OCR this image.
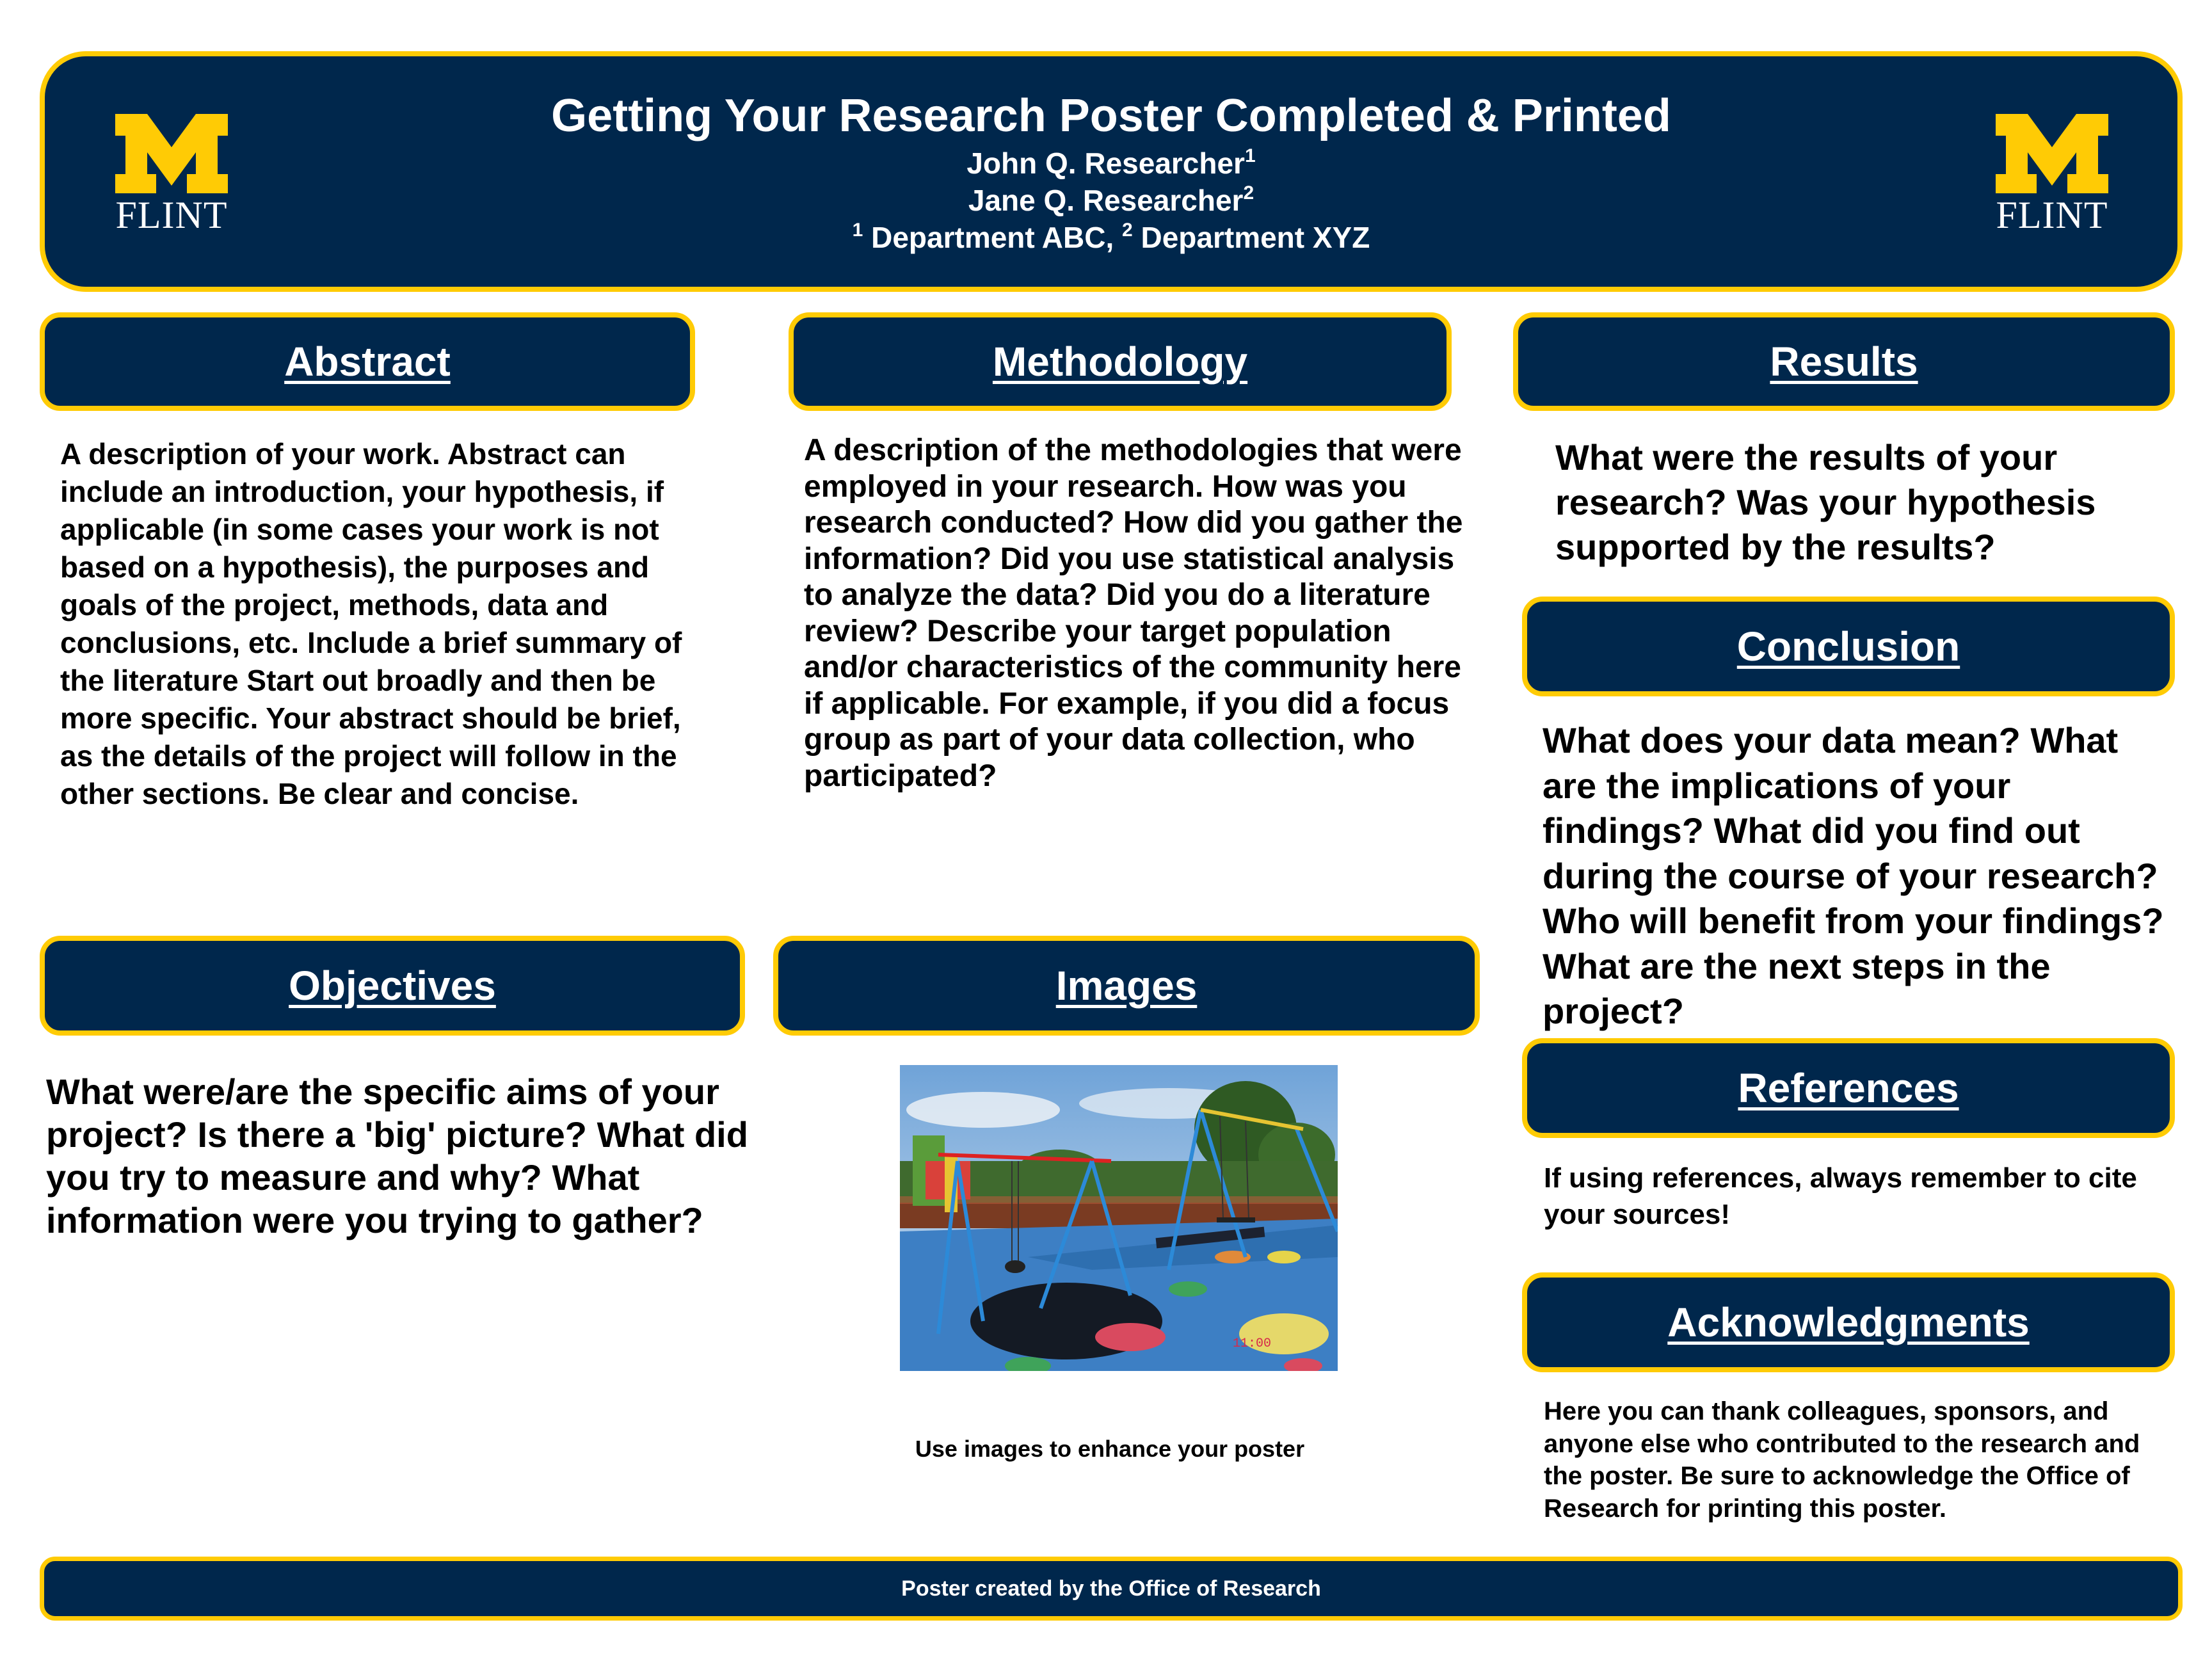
Getting Your Research Poster Completed & Printed
John Q. Researcher$^1$
Jane Q. Researcher$^2$
$^1$ Department ABC, $^2$ Department XYZ
FLINT	FLINT
Abstract

A description of your work. Abstract can include an introduction, your hypothesis, if applicable (in some cases your work is not based on a hypothesis), the purposes and goals of the project, methods, data and conclusions, etc. Include a brief summary of the literature Start out broadly and then be more specific. Your abstract should be brief, as the details of the project will follow in the other sections. Be clear and concise.

Methodology

A description of the methodologies that were employed in your research. How was you research conducted? How did you gather the information? Did you use statistical analysis to analyze the data? Did you do a literature review? Describe your target population and/or characteristics of the community here if applicable. For example, if you did a focus group as part of your data collection, who participated?

Results

What were the results of your research? Was your hypothesis supported by the results?

Conclusion

What does your data mean? What are the implications of your findings? What did you find out during the course of your research? Who will benefit from your findings? What are the next steps in the project?

Objectives

What were/are the specific aims of your project? Is there a 'big' picture? What did you try to measure and why? What information were you trying to gather?

Images
11:00

Use images to enhance your poster

References

If using references, always remember to cite your sources!

Acknowledgments

Here you can thank colleagues, sponsors, and anyone else who contributed to the research and the poster. Be sure to acknowledge the Office of Research for printing this poster.

Poster created by the Office of Research
